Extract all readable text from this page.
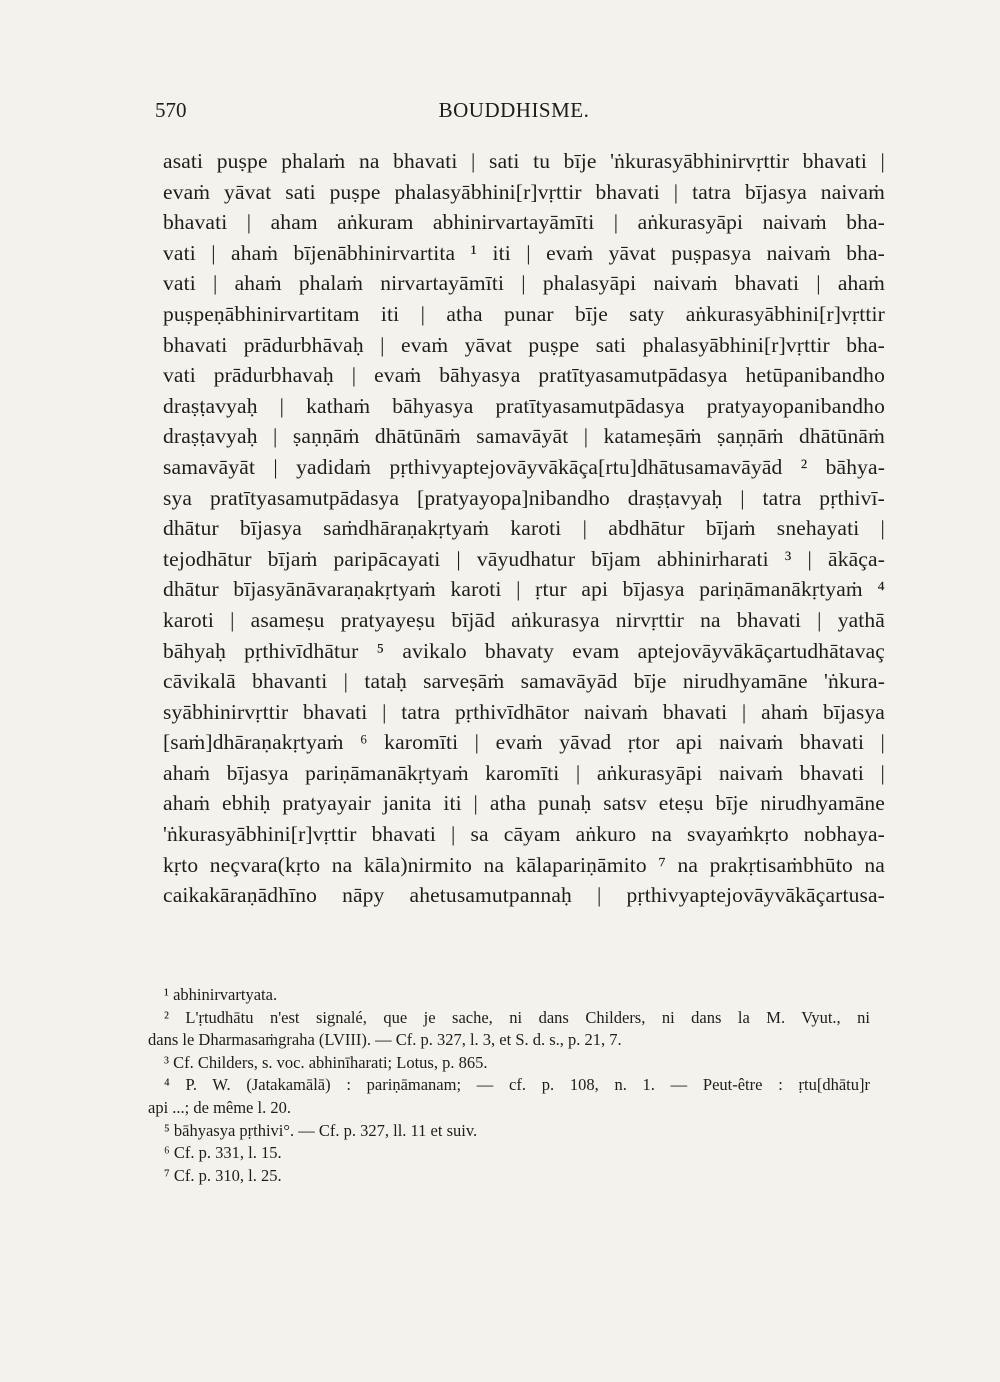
570	BOUDDHISME.
asati puṣpe phalaṁ na bhavati | sati tu bīje 'ṅkurasyābhinirvṛttir bhavati |
evaṁ yāvat sati puṣpe phalasyābhini[r]vṛttir bhavati | tatra bījasya naivaṁ
bhavati | aham aṅkuram abhinirvartayāmīti | aṅkurasyāpi naivaṁ bha-
vati | ahaṁ bījenābhinirvartita ¹ iti | evaṁ yāvat puṣpasya naivaṁ bha-
vati | ahaṁ phalaṁ nirvartayāmīti | phalasyāpi naivaṁ bhavati | ahaṁ
puṣpeṇābhinirvartitam iti | atha punar bīje saty aṅkurasyābhini[r]vṛttir
bhavati prādurbhāvaḥ | evaṁ yāvat puṣpe sati phalasyābhini[r]vṛttir bha-
vati prādurbhavaḥ | evaṁ bāhyasya pratītyasamutpādasya hetūpanibandho
draṣṭavyaḥ | kathaṁ bāhyasya pratītyasamutpādasya pratyayopanibandho
draṣṭavyaḥ | ṣaṇṇāṁ dhātūnāṁ samavāyāt | katameṣāṁ ṣaṇṇāṁ dhātūnāṁ
samavāyāt | yadidaṁ pṛthivyaptejovāyvākāça[rtu]dhātusamavāyād ² bāhya-
sya pratītyasamutpādasya [pratyayopa]nibandho draṣṭavyaḥ | tatra pṛthivī-
dhātur bījasya saṁdhāraṇakṛtyaṁ karoti | abdhātur bījaṁ snehayati |
tejodhātur bījaṁ paripācayati | vāyudhatur bījam abhinirharati ³ | ākāça-
dhātur bījasyānāvaraṇakṛtyaṁ karoti | ṛtur api bījasya pariṇāmanākṛtyaṁ ⁴
karoti | asameṣu pratyayeṣu bījād aṅkurasya nirvṛttir na bhavati | yathā
bāhyaḥ pṛthivīdhātur ⁵ avikalo bhavaty evam aptejovāyvākāçartudhātavaç
cāvikalā bhavanti | tataḥ sarveṣāṁ samavāyād bīje nirudhyamāne 'ṅkura-
syābhinirvṛttir bhavati | tatra pṛthivīdhātor naivaṁ bhavati | ahaṁ bījasya
[saṁ]dhāraṇakṛtyaṁ ⁶ karomīti | evaṁ yāvad ṛtor api naivaṁ bhavati |
ahaṁ bījasya pariṇāmanākṛtyaṁ karomīti | aṅkurasyāpi naivaṁ bhavati |
ahaṁ ebhiḥ pratyayair janita iti | atha punaḥ satsv eteṣu bīje nirudhyamāne
'ṅkurasyābhini[r]vṛttir bhavati | sa cāyam aṅkuro na svayaṁkṛto nobhaya-
kṛto neçvara(kṛto na kāla)nirmito na kālapariṇāmito ⁷ na prakṛtisaṁbhūto na
caikakāraṇādhīno nāpy ahetusamutpannaḥ | pṛthivyaptejovāyvākāçartusa-
¹ abhinirvartyata.
² L'ṛtudhātu n'est signalé, que je sache, ni dans Childers, ni dans la M. Vyut., ni
dans le Dharmasaṁgraha (LVIII). — Cf. p. 327, l. 3, et S. d. s., p. 21, 7.
³ Cf. Childers, s. voc. abhinīharati; Lotus, p. 865.
⁴ P. W. (Jatakamālā) : pariṇāmanam; — cf. p. 108, n. 1. — Peut-être : ṛtu[dhātu]r
api ...; de même l. 20.
⁵ bāhyasya pṛthivi°. — Cf. p. 327, ll. 11 et suiv.
⁶ Cf. p. 331, l. 15.
⁷ Cf. p. 310, l. 25.
